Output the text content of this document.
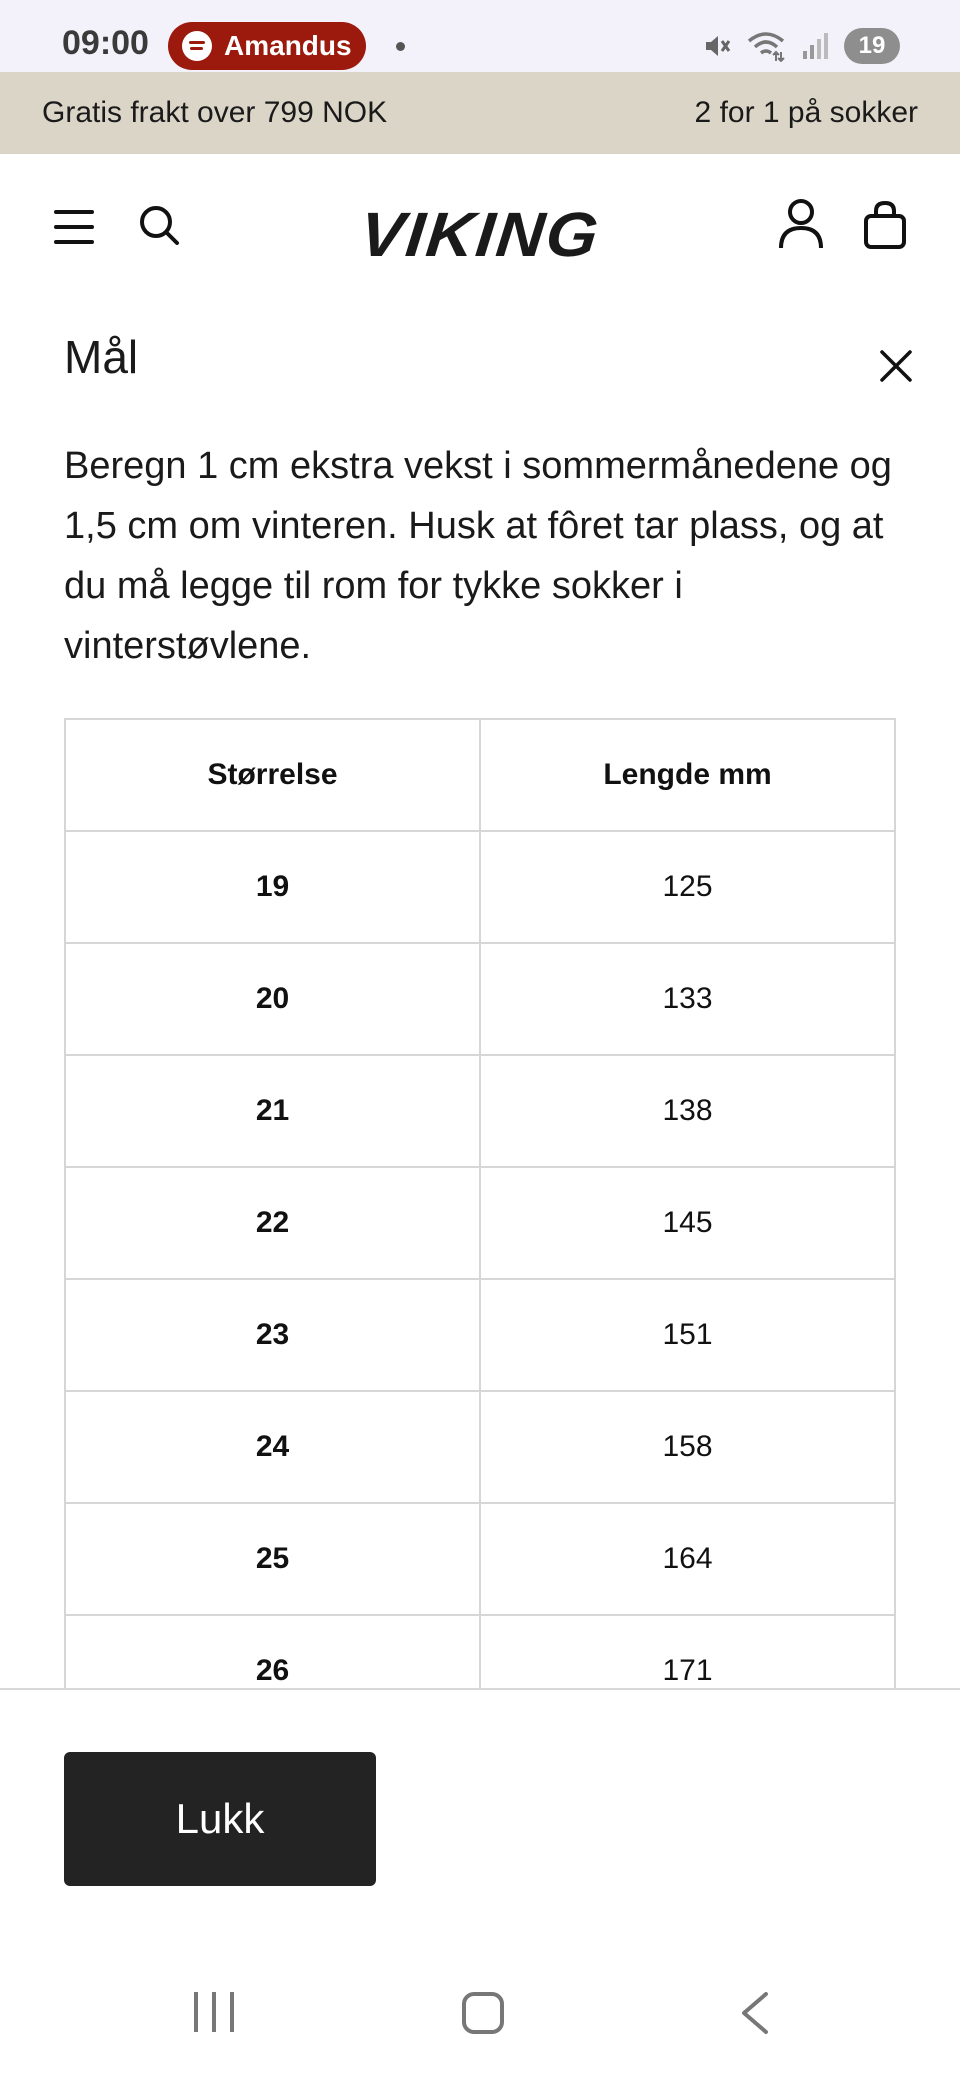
09:00	Amandus	19
Gratis frakt over 799 NOK	2 for 1 på sokker
VIKING
Mål

Beregn 1 cm ekstra vekst i sommermånedene og 1,5 cm om vinteren. Husk at fôret tar plass, og at du må legge til rom for tykke sokker i vinterstøvlene.

Størrelse	Lengde mm
19	125
20	133
21	138
22	145
23	151
24	158
25	164
26	171
Lukk
